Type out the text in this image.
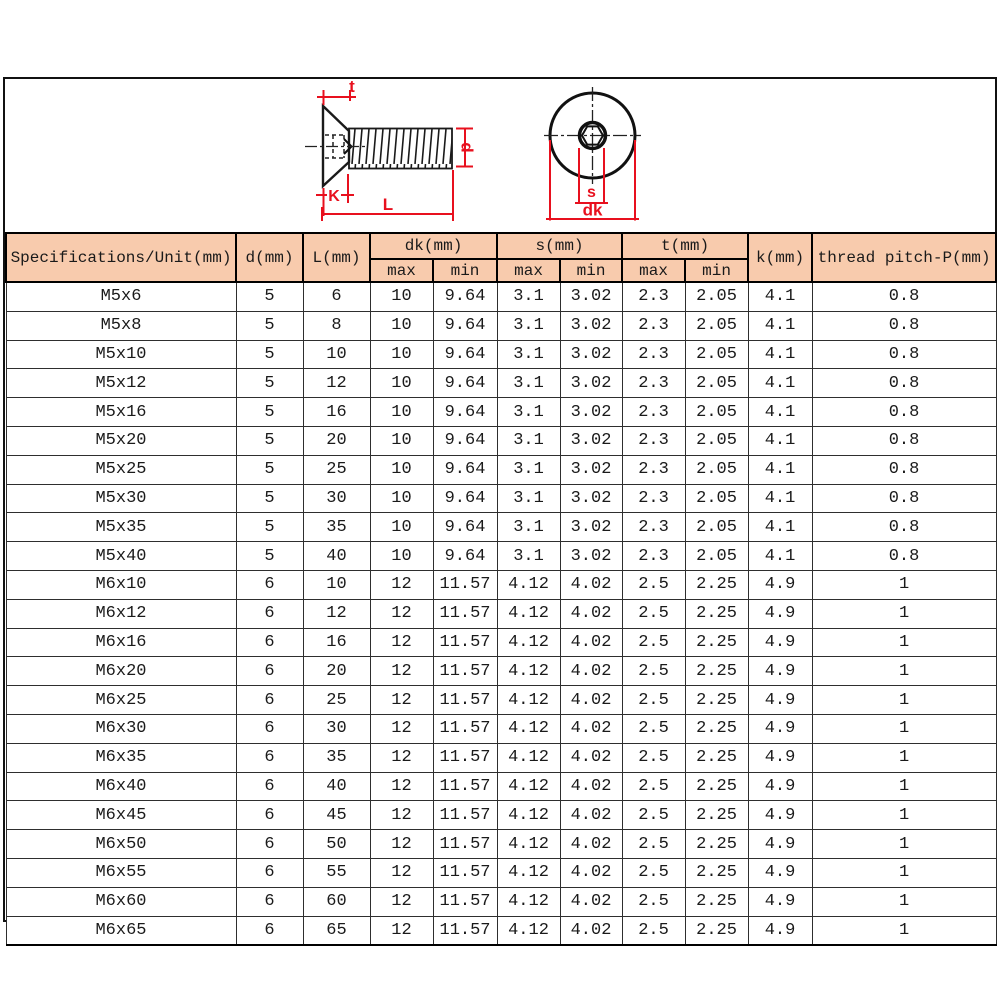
Specifications/Unit(mm)	d(mm)	L(mm)	dk(mm)		s(mm)		t(mm)		k(mm)	thread pitch-P(mm)
			max	min	max	min	max	min		
M5x6	5	6	10	9.64	3.1	3.02	2.3	2.05	4.1	0.8
M5x8	5	8	10	9.64	3.1	3.02	2.3	2.05	4.1	0.8
M5x10	5	10	10	9.64	3.1	3.02	2.3	2.05	4.1	0.8
M5x12	5	12	10	9.64	3.1	3.02	2.3	2.05	4.1	0.8
M5x16	5	16	10	9.64	3.1	3.02	2.3	2.05	4.1	0.8
M5x20	5	20	10	9.64	3.1	3.02	2.3	2.05	4.1	0.8
M5x25	5	25	10	9.64	3.1	3.02	2.3	2.05	4.1	0.8
M5x30	5	30	10	9.64	3.1	3.02	2.3	2.05	4.1	0.8
M5x35	5	35	10	9.64	3.1	3.02	2.3	2.05	4.1	0.8
M5x40	5	40	10	9.64	3.1	3.02	2.3	2.05	4.1	0.8
M6x10	6	10	12	11.57	4.12	4.02	2.5	2.25	4.9	1
M6x12	6	12	12	11.57	4.12	4.02	2.5	2.25	4.9	1
M6x16	6	16	12	11.57	4.12	4.02	2.5	2.25	4.9	1
M6x20	6	20	12	11.57	4.12	4.02	2.5	2.25	4.9	1
M6x25	6	25	12	11.57	4.12	4.02	2.5	2.25	4.9	1
M6x30	6	30	12	11.57	4.12	4.02	2.5	2.25	4.9	1
M6x35	6	35	12	11.57	4.12	4.02	2.5	2.25	4.9	1
M6x40	6	40	12	11.57	4.12	4.02	2.5	2.25	4.9	1
M6x45	6	45	12	11.57	4.12	4.02	2.5	2.25	4.9	1
M6x50	6	50	12	11.57	4.12	4.02	2.5	2.25	4.9	1
M6x55	6	55	12	11.57	4.12	4.02	2.5	2.25	4.9	1
M6x60	6	60	12	11.57	4.12	4.02	2.5	2.25	4.9	1
M6x65	6	65	12	11.57	4.12	4.02	2.5	2.25	4.9	1
t
K	L
d
s
dk
